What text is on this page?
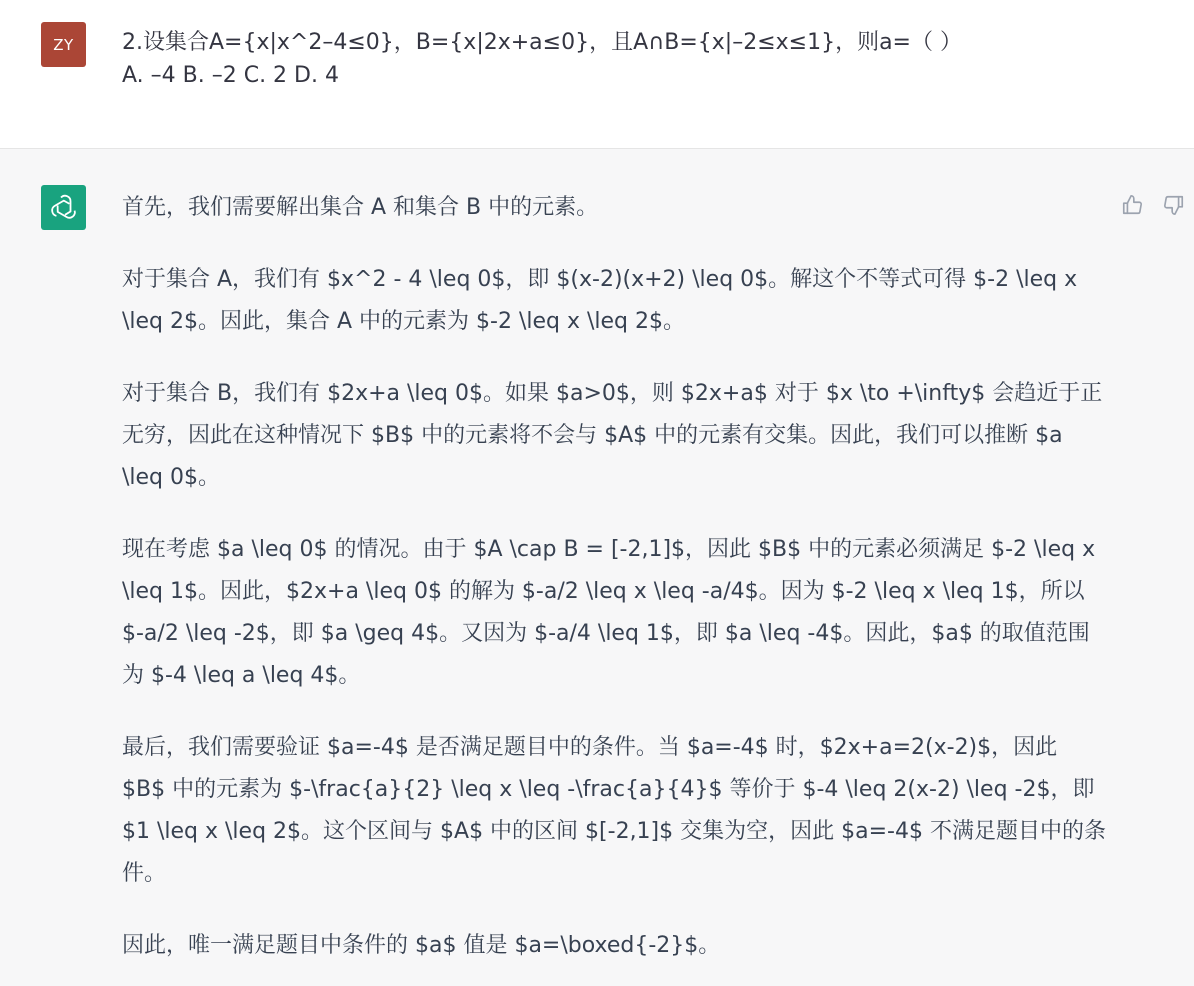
ZY	2.设集合A={x|x^2–4≤0}，B={x|2x+a≤0}，且A∩B={x|–2≤x≤1}，则a=（ ）
A. –4 B. –2 C. 2 D. 4

首先，我们需要解出集合 A 和集合 B 中的元素。

对于集合 A，我们有 $x^2 - 4 \leq 0$，即 $(x-2)(x+2) \leq 0$。解这个不等式可得 $-2 \leq x \leq 2$。因此，集合 A 中的元素为 $-2 \leq x \leq 2$。

对于集合 B，我们有 $2x+a \leq 0$。如果 $a>0$，则 $2x+a$ 对于 $x \to +\infty$ 会趋近于正无穷，因此在这种情况下 $B$ 中的元素将不会与 $A$ 中的元素有交集。因此，我们可以推断 $a \leq 0$。

现在考虑 $a \leq 0$ 的情况。由于 $A \cap B = [-2,1]$，因此 $B$ 中的元素必须满足 $-2 \leq x \leq 1$。因此，$2x+a \leq 0$ 的解为 $-a/2 \leq x \leq -a/4$。因为 $-2 \leq x \leq 1$，所以 $-a/2 \leq -2$，即 $a \geq 4$。又因为 $-a/4 \leq 1$，即 $a \leq -4$。因此，$a$ 的取值范围为 $-4 \leq a \leq 4$。

最后，我们需要验证 $a=-4$ 是否满足题目中的条件。当 $a=-4$ 时，$2x+a=2(x-2)$，因此 $B$ 中的元素为 $-\frac{a}{2} \leq x \leq -\frac{a}{4}$ 等价于 $-4 \leq 2(x-2) \leq -2$，即 $1 \leq x \leq 2$。这个区间与 $A$ 中的区间 $[-2,1]$ 交集为空，因此 $a=-4$ 不满足题目中的条件。

因此，唯一满足题目中条件的 $a$ 值是 $a=\boxed{-2}$。
